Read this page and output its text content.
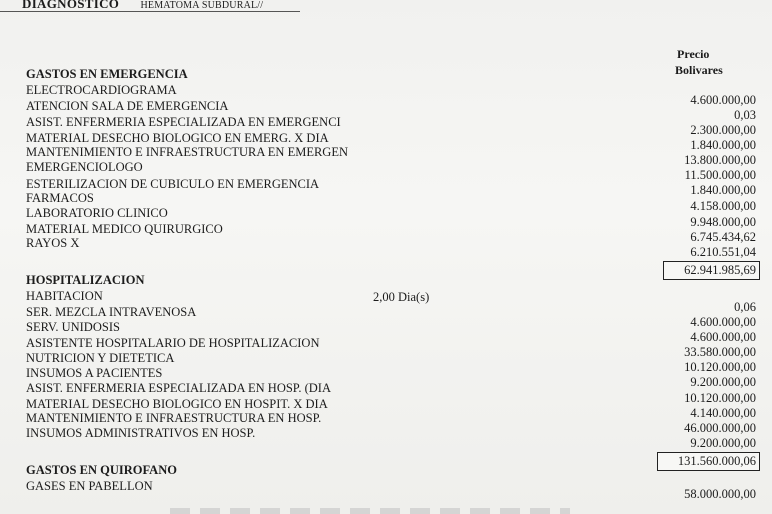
DIAGNOSTICO HEMATOMA SUBDURAL//
Precio
Bolivares
GASTOS EN EMERGENCIA
ELECTROCARDIOGRAMA
ATENCION SALA DE EMERGENCIA
ASIST. ENFERMERIA ESPECIALIZADA EN EMERGENCI
MATERIAL DESECHO BIOLOGICO EN EMERG. X DIA
MANTENIMIENTO E INFRAESTRUCTURA EN EMERGEN
EMERGENCIOLOGO
ESTERILIZACION DE CUBICULO EN EMERGENCIA
FARMACOS
LABORATORIO CLINICO
MATERIAL MEDICO QUIRURGICO
RAYOS X
4.600.000,00
0,03
2.300.000,00
1.840.000,00
13.800.000,00
11.500.000,00
1.840.000,00
4.158.000,00
9.948.000,00
6.745.434,62
6.210.551,04
62.941.985,69
HOSPITALIZACION
2,00 Dia(s)
HABITACION
SER. MEZCLA INTRAVENOSA
SERV. UNIDOSIS
ASISTENTE HOSPITALARIO DE HOSPITALIZACION
NUTRICION Y DIETETICA
INSUMOS A PACIENTES
ASIST. ENFERMERIA ESPECIALIZADA EN HOSP. (DIA
MATERIAL DESECHO BIOLOGICO EN HOSPIT. X DIA
MANTENIMIENTO E INFRAESTRUCTURA EN HOSP.
INSUMOS ADMINISTRATIVOS EN HOSP.
0,06
4.600.000,00
4.600.000,00
33.580.000,00
10.120.000,00
9.200.000,00
10.120.000,00
4.140.000,00
46.000.000,00
9.200.000,00
131.560.000,06
GASTOS EN QUIROFANO
GASES EN PABELLON
58.000.000,00
